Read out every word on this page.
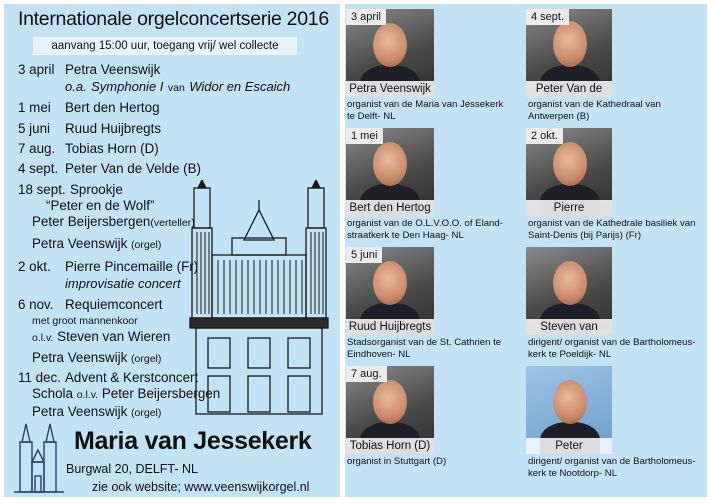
Internationale orgelconcertserie 2016
aanvang 15:00 uur, toegang vrij/ wel collecte
3 april Petra Veenswijk
o.a. Symphonie I van Widor en Escaich
1 mei Bert den Hertog
5 juni Ruud Huijbregts
7 aug. Tobias Horn (D)
4 sept. Peter Van de Velde (B)
18 sept. Sprookje
“Peter en de Wolf”
Peter Beijersbergen(verteller)
Petra Veenswijk (orgel)
2 okt. Pierre Pincemaille (Fr)
improvisatie concert
6 nov. Requiemconcert
met groot mannenkoor
o.l.v. Steven van Wieren
Petra Veenswijk (orgel)
11 dec. Advent & Kerstconcert
Schola o.l.v. Peter Beijersbergen
Petra Veenswijk (orgel)
Maria van Jessekerk
Burgwal 20, DELFT- NL
zie ook website; www.veenswijkorgel.nl
3 april
Petra Veenswijk
organist van de Maria van Jessekerk
te Delft- NL
4 sept.
Peter Van de
organist van de Kathedraal van
Antwerpen (B)
1 mei
Bert den Hertog
organist van de O.L.V.O.O. of Eland-
straatkerk te Den Haag- NL
2 okt.
Pierre
organist van de Kathedrale basiliek van
Saint-Denis (bij Parijs) (Fr)
5 juni
Ruud Huijbregts
Stadsorganist van de St. Cathrien te
Eindhoven- NL
Steven van
dirigent/ organist van de Bartholomeus-
kerk te Poeldijk- NL
7 aug.
Tobias Horn (D)
organist in Stuttgart (D)
Peter
dirigent/ organist van de Bartholomeus-
kerk te Nootdorp- NL
